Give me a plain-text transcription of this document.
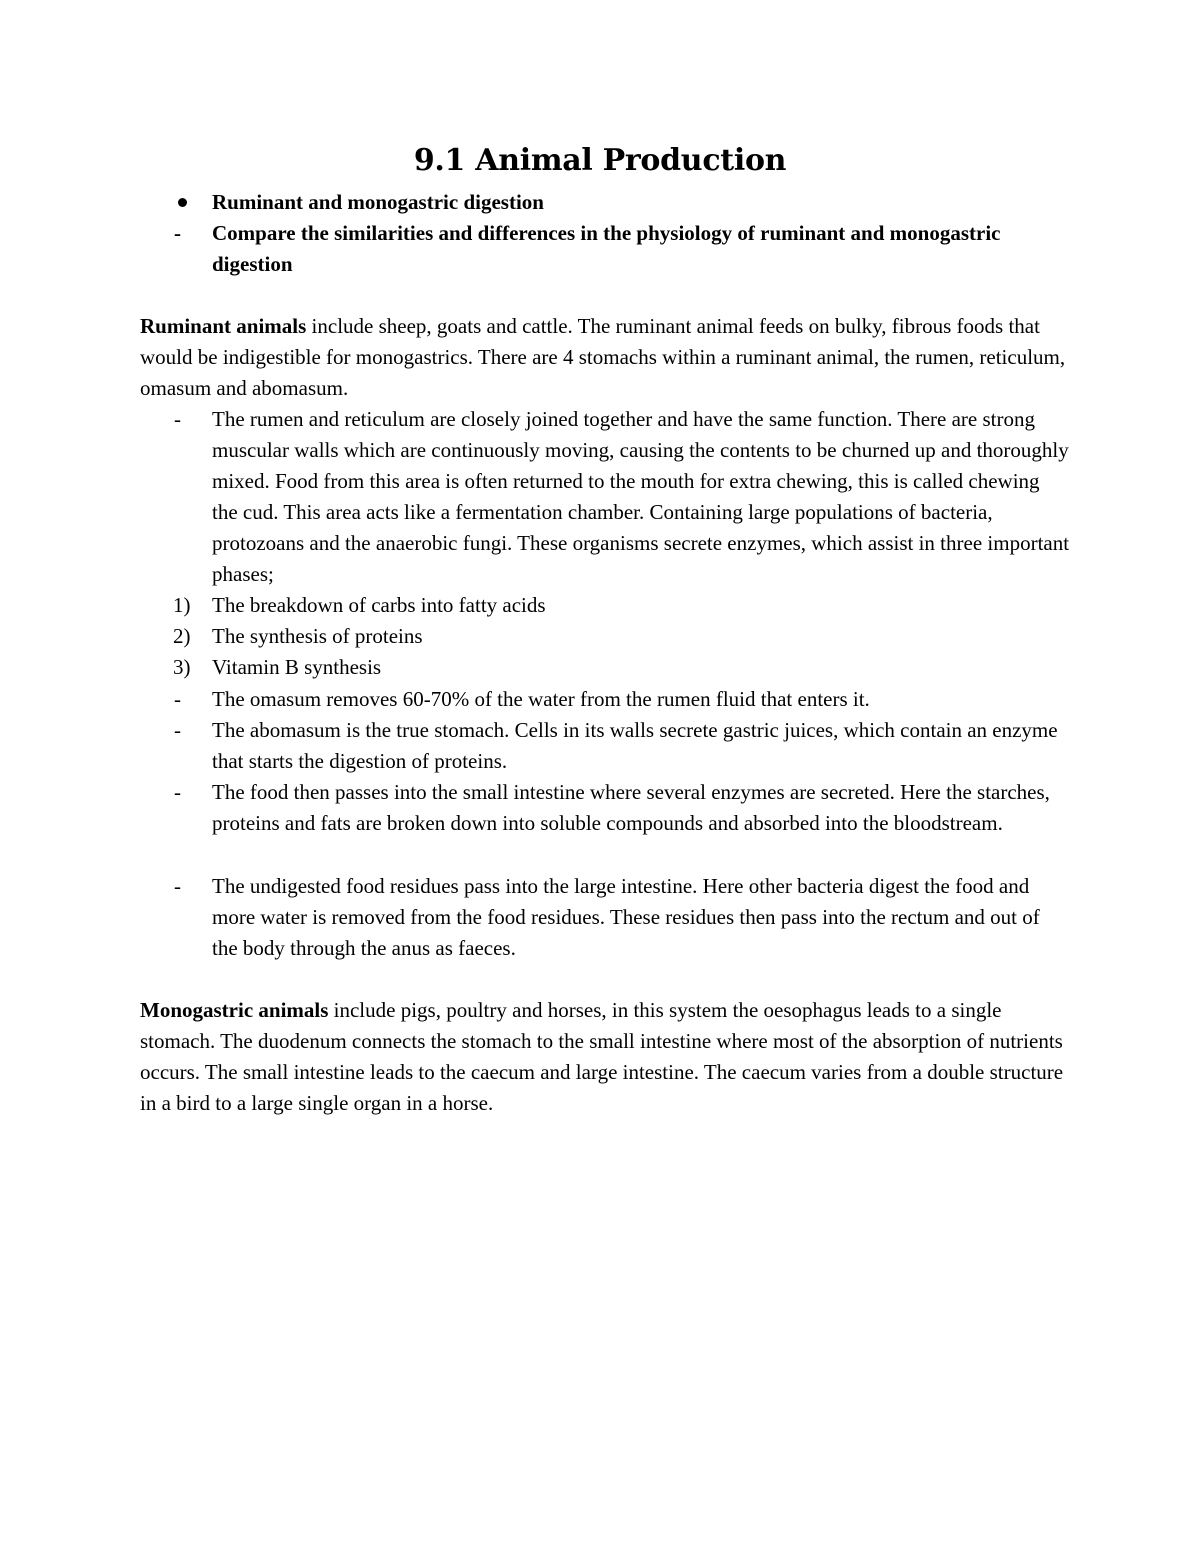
9.1 Animal Production

Ruminant and monogastric digestion

- Compare the similarities and differences in the physiology of ruminant and monogastric digestion

Ruminant animals include sheep, goats and cattle. The ruminant animal feeds on bulky, fibrous foods that would be indigestible for monogastrics. There are 4 stomachs within a ruminant animal, the rumen, reticulum, omasum and abomasum.

- The rumen and reticulum are closely joined together and have the same function. There are strong muscular walls which are continuously moving, causing the contents to be churned up and thoroughly mixed. Food from this area is often returned to the mouth for extra chewing, this is called chewing the cud. This area acts like a fermentation chamber. Containing large populations of bacteria, protozoans and the anaerobic fungi. These organisms secrete enzymes, which assist in three important phases;

1) The breakdown of carbs into fatty acids

2) The synthesis of proteins

3) Vitamin B synthesis

- The omasum removes 60-70% of the water from the rumen fluid that enters it.

- The abomasum is the true stomach. Cells in its walls secrete gastric juices, which contain an enzyme that starts the digestion of proteins.

- The food then passes into the small intestine where several enzymes are secreted. Here the starches, proteins and fats are broken down into soluble compounds and absorbed into the bloodstream.

- The undigested food residues pass into the large intestine. Here other bacteria digest the food and more water is removed from the food residues. These residues then pass into the rectum and out of the body through the anus as faeces.

Monogastric animals include pigs, poultry and horses, in this system the oesophagus leads to a single stomach. The duodenum connects the stomach to the small intestine where most of the absorption of nutrients occurs. The small intestine leads to the caecum and large intestine. The caecum varies from a double structure in a bird to a large single organ in a horse.
